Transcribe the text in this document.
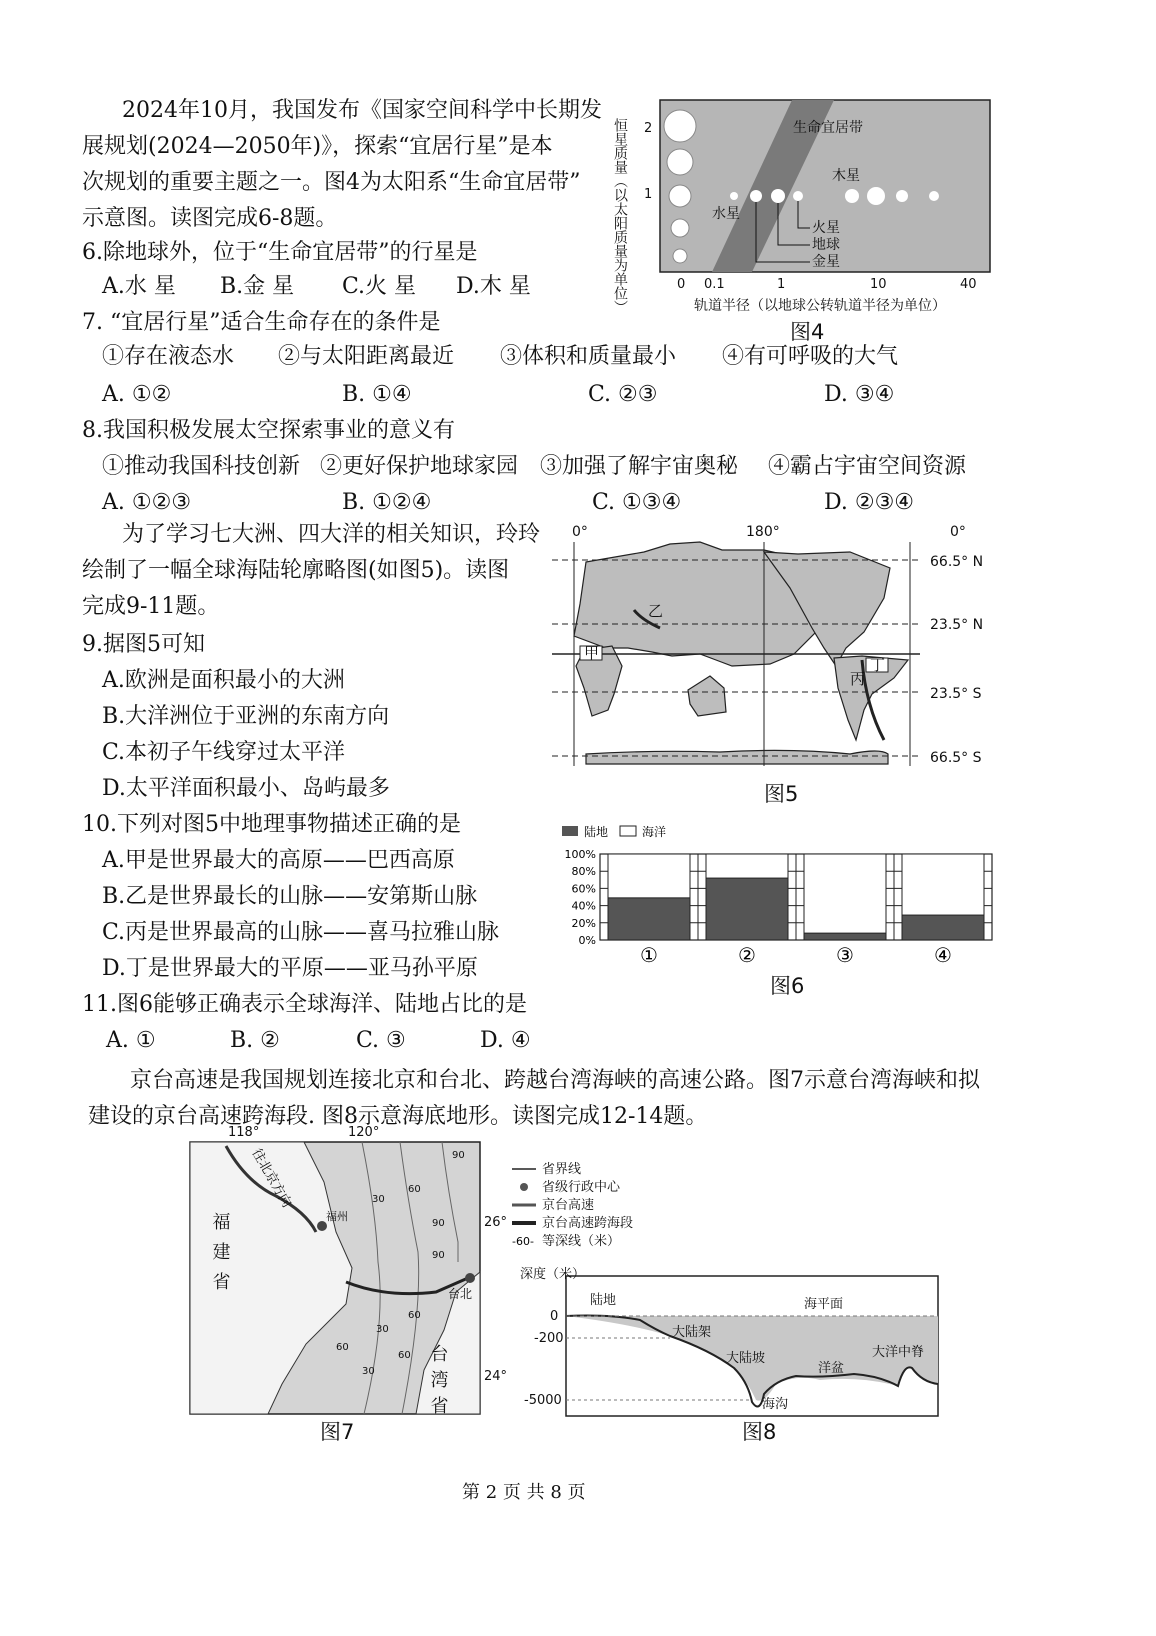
2024年10月，我国发布《国家空间科学中长期发
展规划(2024—2050年)》，探索“宜居行星”是本
次规划的重要主题之一。图4为太阳系“生命宜居带”
示意图。读图完成6-8题。
6.除地球外，位于“生命宜居带”的行星是
A.水 星 B.金 星 C.火 星 D.木 星
7. “宜居行星”适合生命存在的条件是
①存在液态水 ②与太阳距离最近 ③体积和质量最小 ④有可呼吸的大气
A. ①②	B. ①④	C. ②③	D. ③④
8.我国积极发展太空探索事业的意义有
①推动我国科技创新 ②更好保护地球家园 ③加强了解宇宙奥秘 ④霸占宇宙空间资源
A. ①②③	B. ①②④	C. ①③④	D. ②③④
为了学习七大洲、四大洋的相关知识，玲玲
绘制了一幅全球海陆轮廓略图(如图5)。读图
完成9-11题。
9.据图5可知
A.欧洲是面积最小的大洲
B.大洋洲位于亚洲的东南方向
C.本初子午线穿过太平洋
D.太平洋面积最小、岛屿最多
10.下列对图5中地理事物描述正确的是
A.甲是世界最大的高原——巴西高原
B.乙是世界最长的山脉——安第斯山脉
C.丙是世界最高的山脉——喜马拉雅山脉
D.丁是世界最大的平原——亚马孙平原
11.图6能够正确表示全球海洋、陆地占比的是
A. ①	B. ②	C. ③	D. ④
京台高速是我国规划连接北京和台北、跨越台湾海峡的高速公路。图7示意台湾海峡和拟
建设的京台高速跨海段. 图8示意海底地形。读图完成12-14题。
恒星质量（以太阳质量为单位） 2
1
生命宜居带
木星
水星
火星
地球
金星
0 0.1	1	10	40
轨道半径（以地球公转轨道半径为单位）
图4
0°	180°	0°
66.5° N
23.5° N
23.5° S
66.5° S
甲
乙
丙
丁
图5
陆地	海洋
100%
80%
60%
40%
20%
0%
①	②	③	④
图6
118°	120°
26°
24°
往北京方向
福州
台北
福建省
台湾省
90
90
60
30
60
30
60
30
90
60
图7
-60-
省界线
省级行政中心
京台高速
京台高速跨海段
等深线（米）
深度（米）
0
-200
-5000
陆地	海平面
大陆架
大陆坡
洋盆
大洋中脊
海沟
图8
第 2 页 共 8 页
